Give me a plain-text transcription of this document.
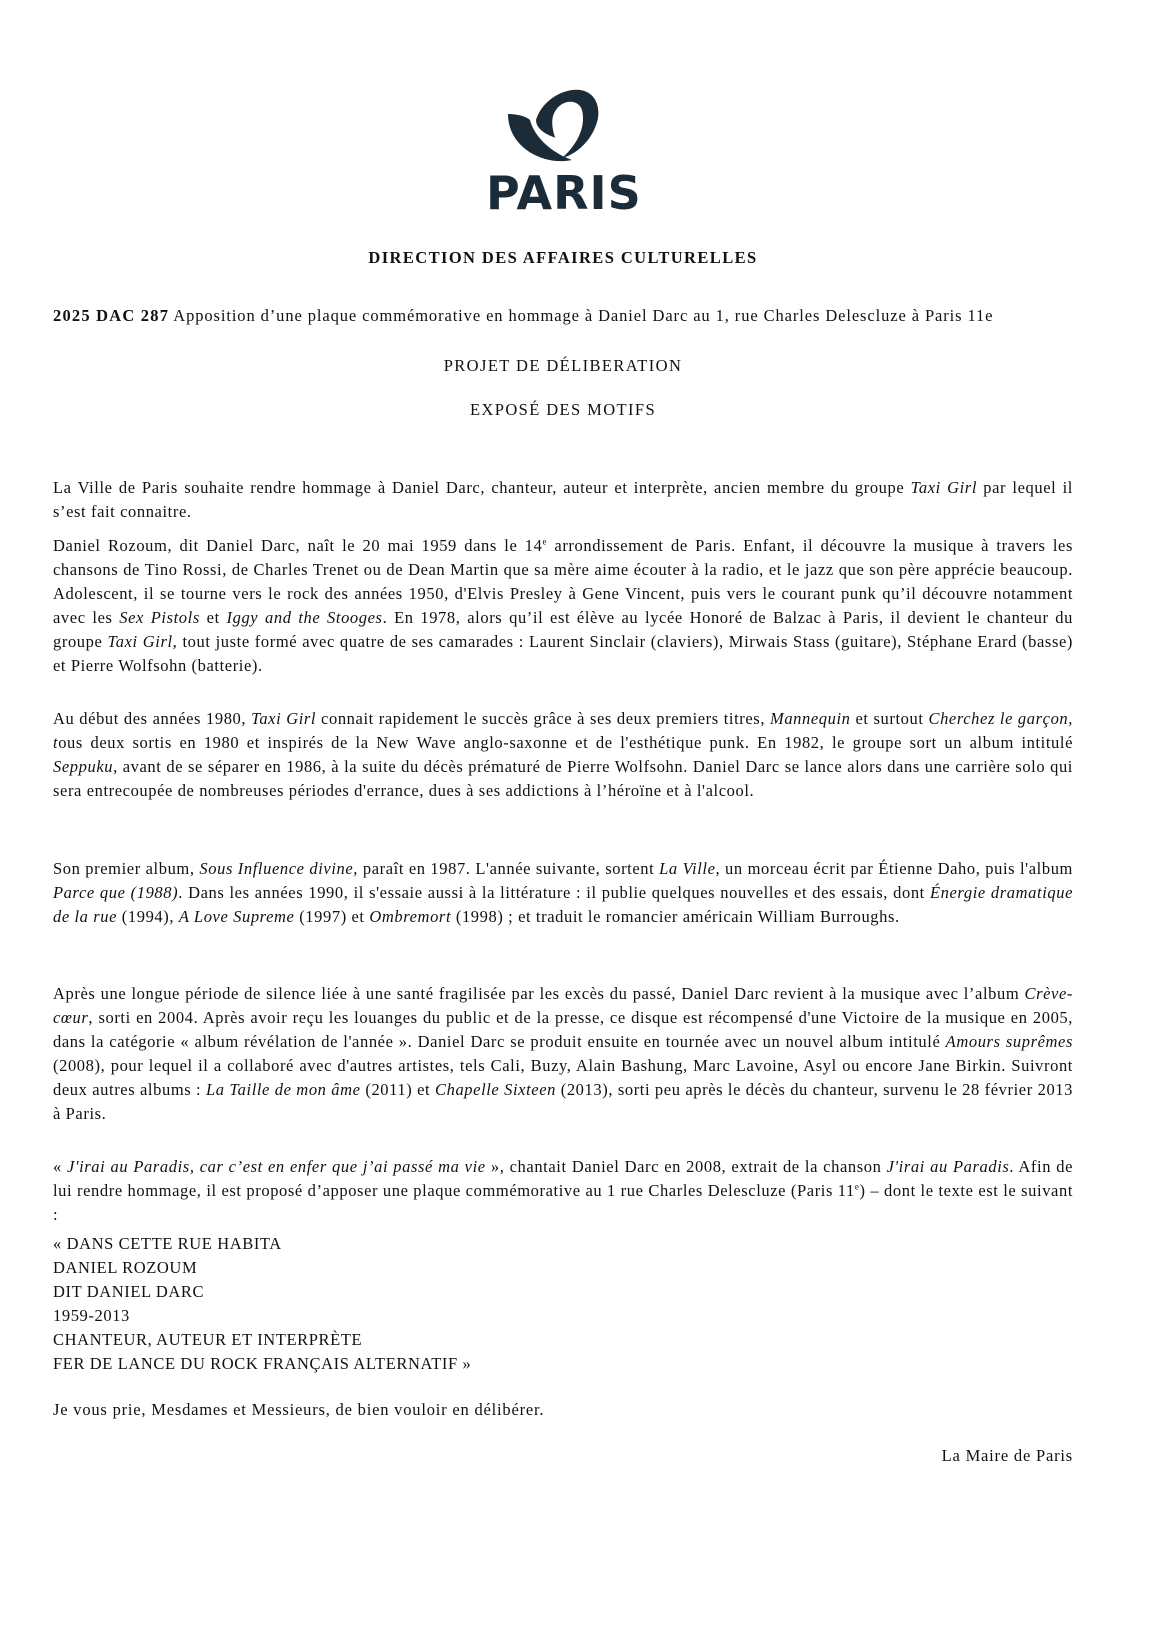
PARIS
DIRECTION DES AFFAIRES CULTURELLES
2025 DAC 287 Apposition d’une plaque commémorative en hommage à Daniel Darc au 1, rue Charles Delescluze à Paris 11e
PROJET DE DÉLIBERATION
EXPOSÉ DES MOTIFS

La Ville de Paris souhaite rendre hommage à Daniel Darc, chanteur, auteur et interprète, ancien membre du groupe Taxi Girl par lequel il s’est fait connaitre.

Daniel Rozoum, dit Daniel Darc, naît le 20 mai 1959 dans le 14e arrondissement de Paris. Enfant, il découvre la musique à travers les chansons de Tino Rossi, de Charles Trenet ou de Dean Martin que sa mère aime écouter à la radio, et le jazz que son père apprécie beaucoup. Adolescent, il se tourne vers le rock des années 1950, d'Elvis Presley à Gene Vincent, puis vers le courant punk qu’il découvre notamment avec les Sex Pistols et Iggy and the Stooges. En 1978, alors qu’il est élève au lycée Honoré de Balzac à Paris, il devient le chanteur du groupe Taxi Girl, tout juste formé avec quatre de ses camarades : Laurent Sinclair (claviers), Mirwais Stass (guitare), Stéphane Erard (basse) et Pierre Wolfsohn (batterie).

Au début des années 1980, Taxi Girl connait rapidement le succès grâce à ses deux premiers titres, Mannequin et surtout Cherchez le garçon, tous deux sortis en 1980 et inspirés de la New Wave anglo-saxonne et de l'esthétique punk. En 1982, le groupe sort un album intitulé Seppuku, avant de se séparer en 1986, à la suite du décès prématuré de Pierre Wolfsohn. Daniel Darc se lance alors dans une carrière solo qui sera entrecoupée de nombreuses périodes d'errance, dues à ses addictions à l’héroïne et à l'alcool.

Son premier album, Sous Influence divine, paraît en 1987. L'année suivante, sortent La Ville, un morceau écrit par Étienne Daho, puis l'album Parce que (1988). Dans les années 1990, il s'essaie aussi à la littérature : il publie quelques nouvelles et des essais, dont Énergie dramatique de la rue (1994), A Love Supreme (1997) et Ombremort (1998) ; et traduit le romancier américain William Burroughs.

Après une longue période de silence liée à une santé fragilisée par les excès du passé, Daniel Darc revient à la musique avec l’album Crève-cœur, sorti en 2004. Après avoir reçu les louanges du public et de la presse, ce disque est récompensé d'une Victoire de la musique en 2005, dans la catégorie « album révélation de l'année ». Daniel Darc se produit ensuite en tournée avec un nouvel album intitulé Amours suprêmes (2008), pour lequel il a collaboré avec d'autres artistes, tels Cali, Buzy, Alain Bashung, Marc Lavoine, Asyl ou encore Jane Birkin. Suivront deux autres albums : La Taille de mon âme (2011) et Chapelle Sixteen (2013), sorti peu après le décès du chanteur, survenu le 28 février 2013 à Paris.

« J'irai au Paradis, car c’est en enfer que j’ai passé ma vie », chantait Daniel Darc en 2008, extrait de la chanson J'irai au Paradis. Afin de lui rendre hommage, il est proposé d’apposer une plaque commémorative au 1 rue Charles Delescluze (Paris 11e) – dont le texte est le suivant :

« DANS CETTE RUE HABITA
DANIEL ROZOUM
DIT DANIEL DARC
1959-2013
CHANTEUR, AUTEUR ET INTERPRÈTE
FER DE LANCE DU ROCK FRANÇAIS ALTERNATIF »
Je vous prie, Mesdames et Messieurs, de bien vouloir en délibérer.
La Maire de Paris
